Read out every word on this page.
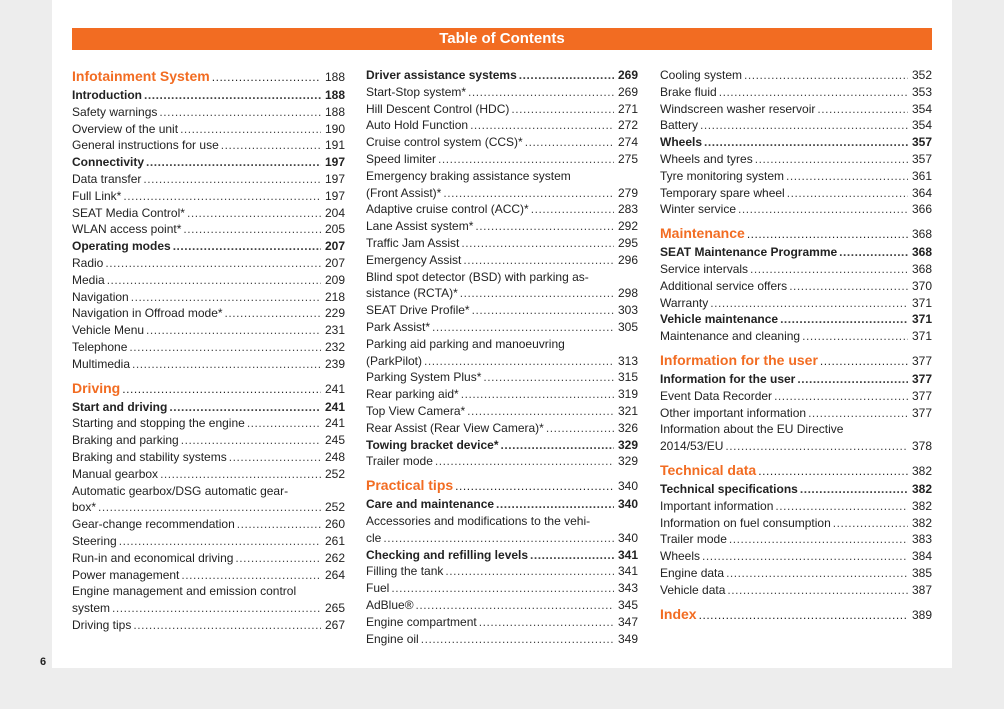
Table of Contents
Infotainment System . . .	188
Introduction . . .	188
Safety warnings . . .	188
Overview of the unit . . .	190
General instructions for use . . .	191
Connectivity . . .	197
Data transfer . . .	197
Full Link* . . .	197
SEAT Media Control* . . .	204
WLAN access point* . . .	205
Operating modes . . .	207
Radio . . .	207
Media . . .	209
Navigation . . .	218
Navigation in Offroad mode* . . .	229
Vehicle Menu . . .	231
Telephone . . .	232
Multimedia . . .	239
Driving . . .	241
Start and driving . . .	241
Starting and stopping the engine . . .	241
Braking and parking . . .	245
Braking and stability systems . . .	248
Manual gearbox . . .	252
Automatic gearbox/DSG automatic gear-
box* . . .	252
Gear-change recommendation . . .	260
Steering . . .	261
Run-in and economical driving . . .	262
Power management . . .	264
Engine management and emission control
system . . .	265
Driving tips . . .	267
Driver assistance systems . . .	269
Start-Stop system* . . .	269
Hill Descent Control (HDC) . . .	271
Auto Hold Function . . .	272
Cruise control system (CCS)* . . .	274
Speed limiter . . .	275
Emergency braking assistance system
(Front Assist)* . . .	279
Adaptive cruise control (ACC)* . . .	283
Lane Assist system* . . .	292
Traffic Jam Assist . . .	295
Emergency Assist . . .	296
Blind spot detector (BSD) with parking as-
sistance (RCTA)* . . .	298
SEAT Drive Profile* . . .	303
Park Assist* . . .	305
Parking aid parking and manoeuvring
(ParkPilot) . . .	313
Parking System Plus* . . .	315
Rear parking aid* . . .	319
Top View Camera* . . .	321
Rear Assist (Rear View Camera)* . . .	326
Towing bracket device* . . .	329
Trailer mode . . .	329
Practical tips . . .	340
Care and maintenance . . .	340
Accessories and modifications to the vehi-
cle . . .	340
Checking and refilling levels . . .	341
Filling the tank . . .	341
Fuel . . .	343
AdBlue® . . .	345
Engine compartment . . .	347
Engine oil . . .	349
Cooling system . . .	352
Brake fluid . . .	353
Windscreen washer reservoir . . .	354
Battery . . .	354
Wheels . . .	357
Wheels and tyres . . .	357
Tyre monitoring system . . .	361
Temporary spare wheel . . .	364
Winter service . . .	366
Maintenance . . .	368
SEAT Maintenance Programme . . .	368
Service intervals . . .	368
Additional service offers . . .	370
Warranty . . .	371
Vehicle maintenance . . .	371
Maintenance and cleaning . . .	371
Information for the user . . .	377
Information for the user . . .	377
Event Data Recorder . . .	377
Other important information . . .	377
Information about the EU Directive
2014/53/EU . . .	378
Technical data . . .	382
Technical specifications . . .	382
Important information . . .	382
Information on fuel consumption . . .	382
Trailer mode . . .	383
Wheels . . .	384
Engine data . . .	385
Vehicle data . . .	387
Index . . .	389
6
